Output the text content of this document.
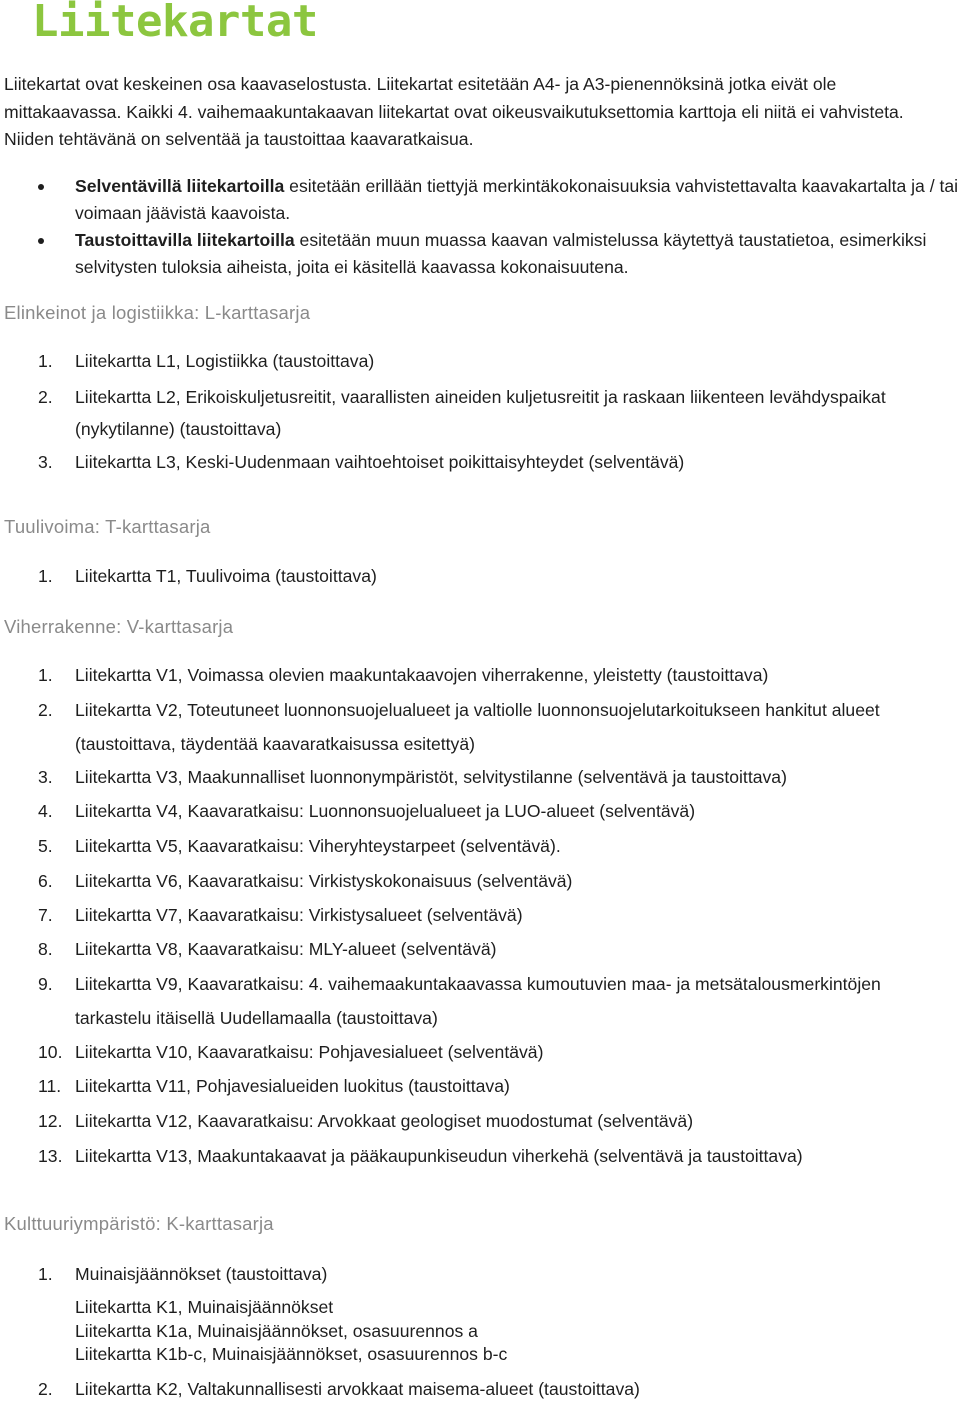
Liitekartat

Liitekartat ovat keskeinen osa kaavaselostusta. Liitekartat esitetään A4- ja A3-pienennöksinä jotka eivät ole mittakaavassa. Kaikki 4. vaihemaakuntakaavan liitekartat ovat oikeusvaikutuksettomia karttoja eli niitä ei vahvisteta. Niiden tehtävänä on selventää ja taustoittaa kaavaratkaisua.

Selventävillä liitekartoilla esitetään erillään tiettyjä merkintäkokonaisuuksia vahvistettavalta kaavakartalta ja / tai voimaan jäävistä kaavoista.
Taustoittavilla liitekartoilla esitetään muun muassa kaavan valmistelussa käytettyä taustatietoa, esimerkiksi selvitysten tuloksia aiheista, joita ei käsitellä kaavassa kokonaisuutena.
Elinkeinot ja logistiikka: L-karttasarja
1. Liitekartta L1, Logistiikka (taustoittava)
2. Liitekartta L2, Erikoiskuljetusreitit, vaarallisten aineiden kuljetusreitit ja raskaan liikenteen levähdyspaikat (nykytilanne) (taustoittava)
3. Liitekartta L3, Keski-Uudenmaan vaihtoehtoiset poikittaisyhteydet (selventävä)
Tuulivoima: T-karttasarja
1. Liitekartta T1, Tuulivoima (taustoittava)
Viherrakenne: V-karttasarja
1. Liitekartta V1, Voimassa olevien maakuntakaavojen viherrakenne, yleistetty (taustoittava)
2. Liitekartta V2, Toteutuneet luonnonsuojelualueet ja valtiolle luonnonsuojelutarkoitukseen hankitut alueet (taustoittava, täydentää kaavaratkaisussa esitettyä)
3. Liitekartta V3, Maakunnalliset luonnonympäristöt, selvitystilanne (selventävä ja taustoittava)
4. Liitekartta V4, Kaavaratkaisu: Luonnonsuojelualueet ja LUO-alueet (selventävä)
5. Liitekartta V5, Kaavaratkaisu: Viheryhteystarpeet (selventävä).
6. Liitekartta V6, Kaavaratkaisu: Virkistyskokonaisuus (selventävä)
7. Liitekartta V7, Kaavaratkaisu: Virkistysalueet (selventävä)
8. Liitekartta V8, Kaavaratkaisu: MLY-alueet (selventävä)
9. Liitekartta V9, Kaavaratkaisu: 4. vaihemaakuntakaavassa kumoutuvien maa- ja metsätalousmerkintöjen tarkastelu itäisellä Uudellamaalla (taustoittava)
10. Liitekartta V10, Kaavaratkaisu: Pohjavesialueet (selventävä)
11. Liitekartta V11, Pohjavesialueiden luokitus (taustoittava)
12. Liitekartta V12, Kaavaratkaisu: Arvokkaat geologiset muodostumat (selventävä)
13. Liitekartta V13, Maakuntakaavat ja pääkaupunkiseudun viherkehä (selventävä ja taustoittava)
Kulttuuriympäristö: K-karttasarja
1. Muinaisjäännökset (taustoittava)
Liitekartta K1, Muinaisjäännökset
Liitekartta K1a, Muinaisjäännökset, osasuurennos a
Liitekartta K1b-c, Muinaisjäännökset, osasuurennos b-c
2. Liitekartta K2, Valtakunnallisesti arvokkaat maisema-alueet (taustoittava)
